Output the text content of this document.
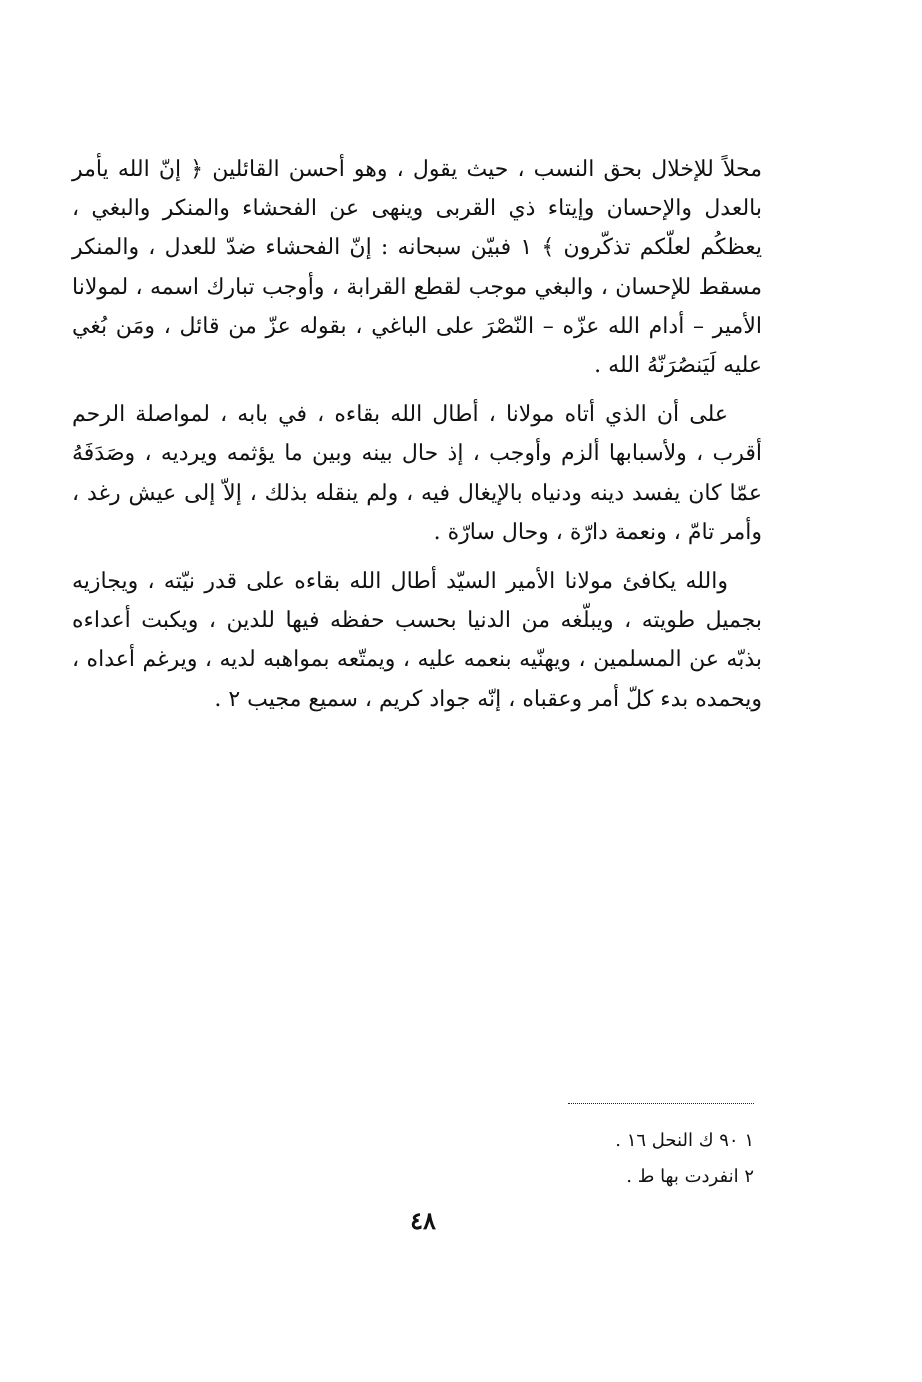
محلاً للإخلال بحق النسب ، حيث يقول ، وهو أحسن القائلين ﴿ إنّ الله يأمر بالعدل والإحسان وإيتاء ذي القربى وينهى عن الفحشاء والمنكر والبغي ، يعظكُم لعلّكم تذكّرون ﴾ ١ فبيّن سبحانه : إنّ الفحشاء ضدّ للعدل ، والمنكر مسقط للإحسان ، والبغي موجب لقطع القرابة ، وأوجب تبارك اسمه ، لمولانا الأمير – أدام الله عزّه – النّصْرَ على الباغي ، بقوله عزّ من قائل ، ومَن بُغي عليه لَيَنصُرَنّهُ الله .

على أن الذي أتاه مولانا ، أطال الله بقاءه ، في بابه ، لمواصلة الرحم أقرب ، ولأسبابها ألزم وأوجب ، إذ حال بينه وبين ما يؤثمه ويرديه ، وصَدَفَهُ عمّا كان يفسد دينه ودنياه بالإيغال فيه ، ولم ينقله بذلك ، إلاّ إلى عيش رغد ، وأمر تامّ ، ونعمة دارّة ، وحال سارّة .

والله يكافئ مولانا الأمير السيّد أطال الله بقاءه على قدر نيّته ، ويجازيه بجميل طويته ، ويبلّغه من الدنيا بحسب حفظه فيها للدين ، ويكبت أعداءه بذبّه عن المسلمين ، ويهنّيه بنعمه عليه ، ويمتّعه بمواهبه لديه ، ويرغم أعداه ، ويحمده بدء كلّ أمر وعقباه ، إنّه جواد كريم ، سميع مجيب ٢ .

١ ٩٠ ك النحل ١٦ .

٢ انفردت بها ط .

٤٨
